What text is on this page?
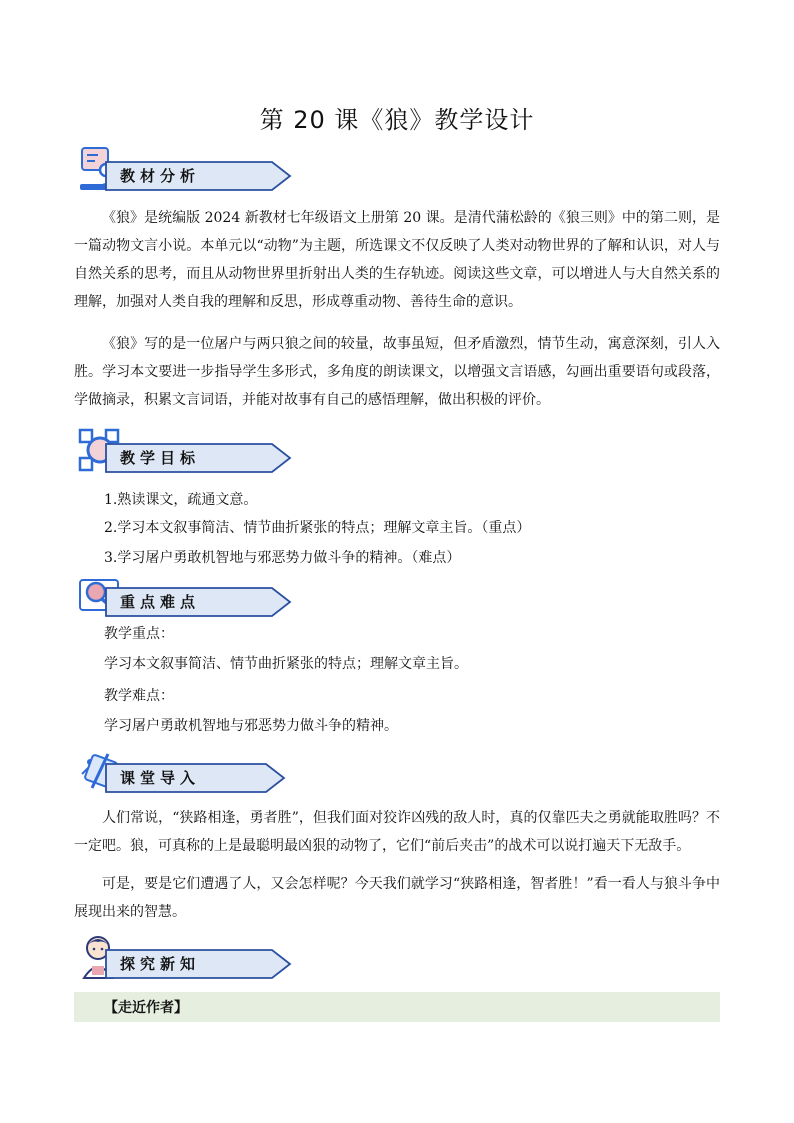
第 20 课《狼》教学设计
教材分析
《狼》是统编版 2024 新教材七年级语文上册第 20 课。是清代蒲松龄的《狼三则》中的第二则，是一篇动物文言小说。本单元以“动物”为主题，所选课文不仅反映了人类对动物世界的了解和认识，对人与自然关系的思考，而且从动物世界里折射出人类的生存轨迹。阅读这些文章，可以增进人与大自然关系的理解，加强对人类自我的理解和反思，形成尊重动物、善待生命的意识。
《狼》写的是一位屠户与两只狼之间的较量，故事虽短，但矛盾激烈，情节生动，寓意深刻，引人入胜。学习本文要进一步指导学生多形式，多角度的朗读课文，以增强文言语感，勾画出重要语句或段落，学做摘录，积累文言词语，并能对故事有自己的感悟理解，做出积极的评价。
教学目标
1.熟读课文，疏通文意。
2.学习本文叙事简洁、情节曲折紧张的特点；理解文章主旨。（重点）
3.学习屠户勇敢机智地与邪恶势力做斗争的精神。（难点）
重点难点
教学重点：
学习本文叙事简洁、情节曲折紧张的特点；理解文章主旨。
教学难点：
学习屠户勇敢机智地与邪恶势力做斗争的精神。
课堂导入
人们常说，“狭路相逢，勇者胜”，但我们面对狡诈凶残的敌人时，真的仅靠匹夫之勇就能取胜吗？不一定吧。狼，可真称的上是最聪明最凶狠的动物了，它们“前后夹击”的战术可以说打遍天下无敌手。
可是，要是它们遭遇了人，又会怎样呢？今天我们就学习“狭路相逢，智者胜！”看一看人与狼斗争中展现出来的智慧。
探究新知
【走近作者】
